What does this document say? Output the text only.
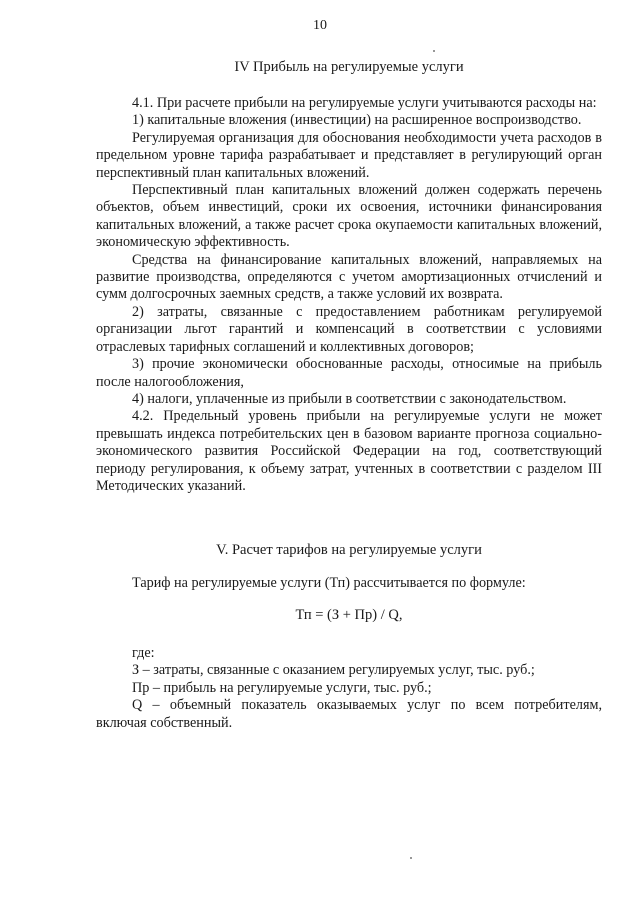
10
IV Прибыль на регулируемые услуги

4.1. При расчете прибыли на регулируемые услуги учитываются расходы на:

1) капитальные вложения (инвестиции) на расширенное воспроизводство.

Регулируемая организация для обоснования необходимости учета расходов в предельном уровне тарифа разрабатывает и представляет в регулирующий орган перспективный план капитальных вложений.

Перспективный план капитальных вложений должен содержать перечень объектов, объем инвестиций, сроки их освоения, источники финансирования капитальных вложений, а также расчет срока окупаемости капитальных вложений, экономическую эффективность.

Средства на финансирование капитальных вложений, направляемых на развитие производства, определяются с учетом амортизационных отчислений и сумм долгосрочных заемных средств, а также условий их возврата.

2) затраты, связанные с предоставлением работникам регулируемой организации льгот гарантий и компенсаций в соответствии с условиями отраслевых тарифных соглашений и коллективных договоров;

3) прочие экономически обоснованные расходы, относимые на прибыль после налогообложения,

4) налоги, уплаченные из прибыли в соответствии с законодательством.

4.2. Предельный уровень прибыли на регулируемые услуги не может превышать индекса потребительских цен в базовом варианте прогноза социально-экономического развития Российской Федерации на год, соответствующий периоду регулирования, к объему затрат, учтенных в соответствии с разделом III Методических указаний.

V. Расчет тарифов на регулируемые услуги

Тариф на регулируемые услуги (Тп) рассчитывается по формуле:

Тп = (З + Пр) / Q,

где:

З – затраты, связанные с оказанием регулируемых услуг, тыс. руб.;

Пр – прибыль на регулируемые услуги, тыс. руб.;

Q – объемный показатель оказываемых услуг по всем потребителям, включая собственный.
